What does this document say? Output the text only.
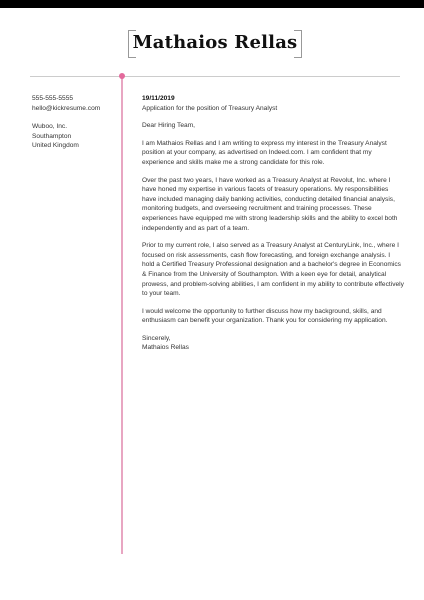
Mathaios Rellas
555-555-5555
hello@kickresume.com
Wuboo, Inc.
Southampton
United Kingdom
19/11/2019
Application for the position of Treasury Analyst

Dear Hiring Team,

I am Mathaios Rellas and I am writing to express my interest in the Treasury Analyst position at your company, as advertised on Indeed.com. I am confident that my experience and skills make me a strong candidate for this role.

Over the past two years, I have worked as a Treasury Analyst at Revolut, Inc. where I have honed my expertise in various facets of treasury operations. My responsibilities have included managing daily banking activities, conducting detailed financial analysis, monitoring budgets, and overseeing recruitment and training processes. These experiences have equipped me with strong leadership skills and the ability to excel both independently and as part of a team.

Prior to my current role, I also served as a Treasury Analyst at CenturyLink, Inc., where I focused on risk assessments, cash flow forecasting, and foreign exchange analysis. I hold a Certified Treasury Professional designation and a bachelor's degree in Economics & Finance from the University of Southampton. With a keen eye for detail, analytical prowess, and problem-solving abilities, I am confident in my ability to contribute effectively to your team.

I would welcome the opportunity to further discuss how my background, skills, and enthusiasm can benefit your organization. Thank you for considering my application.

Sincerely,
Mathaios Rellas
